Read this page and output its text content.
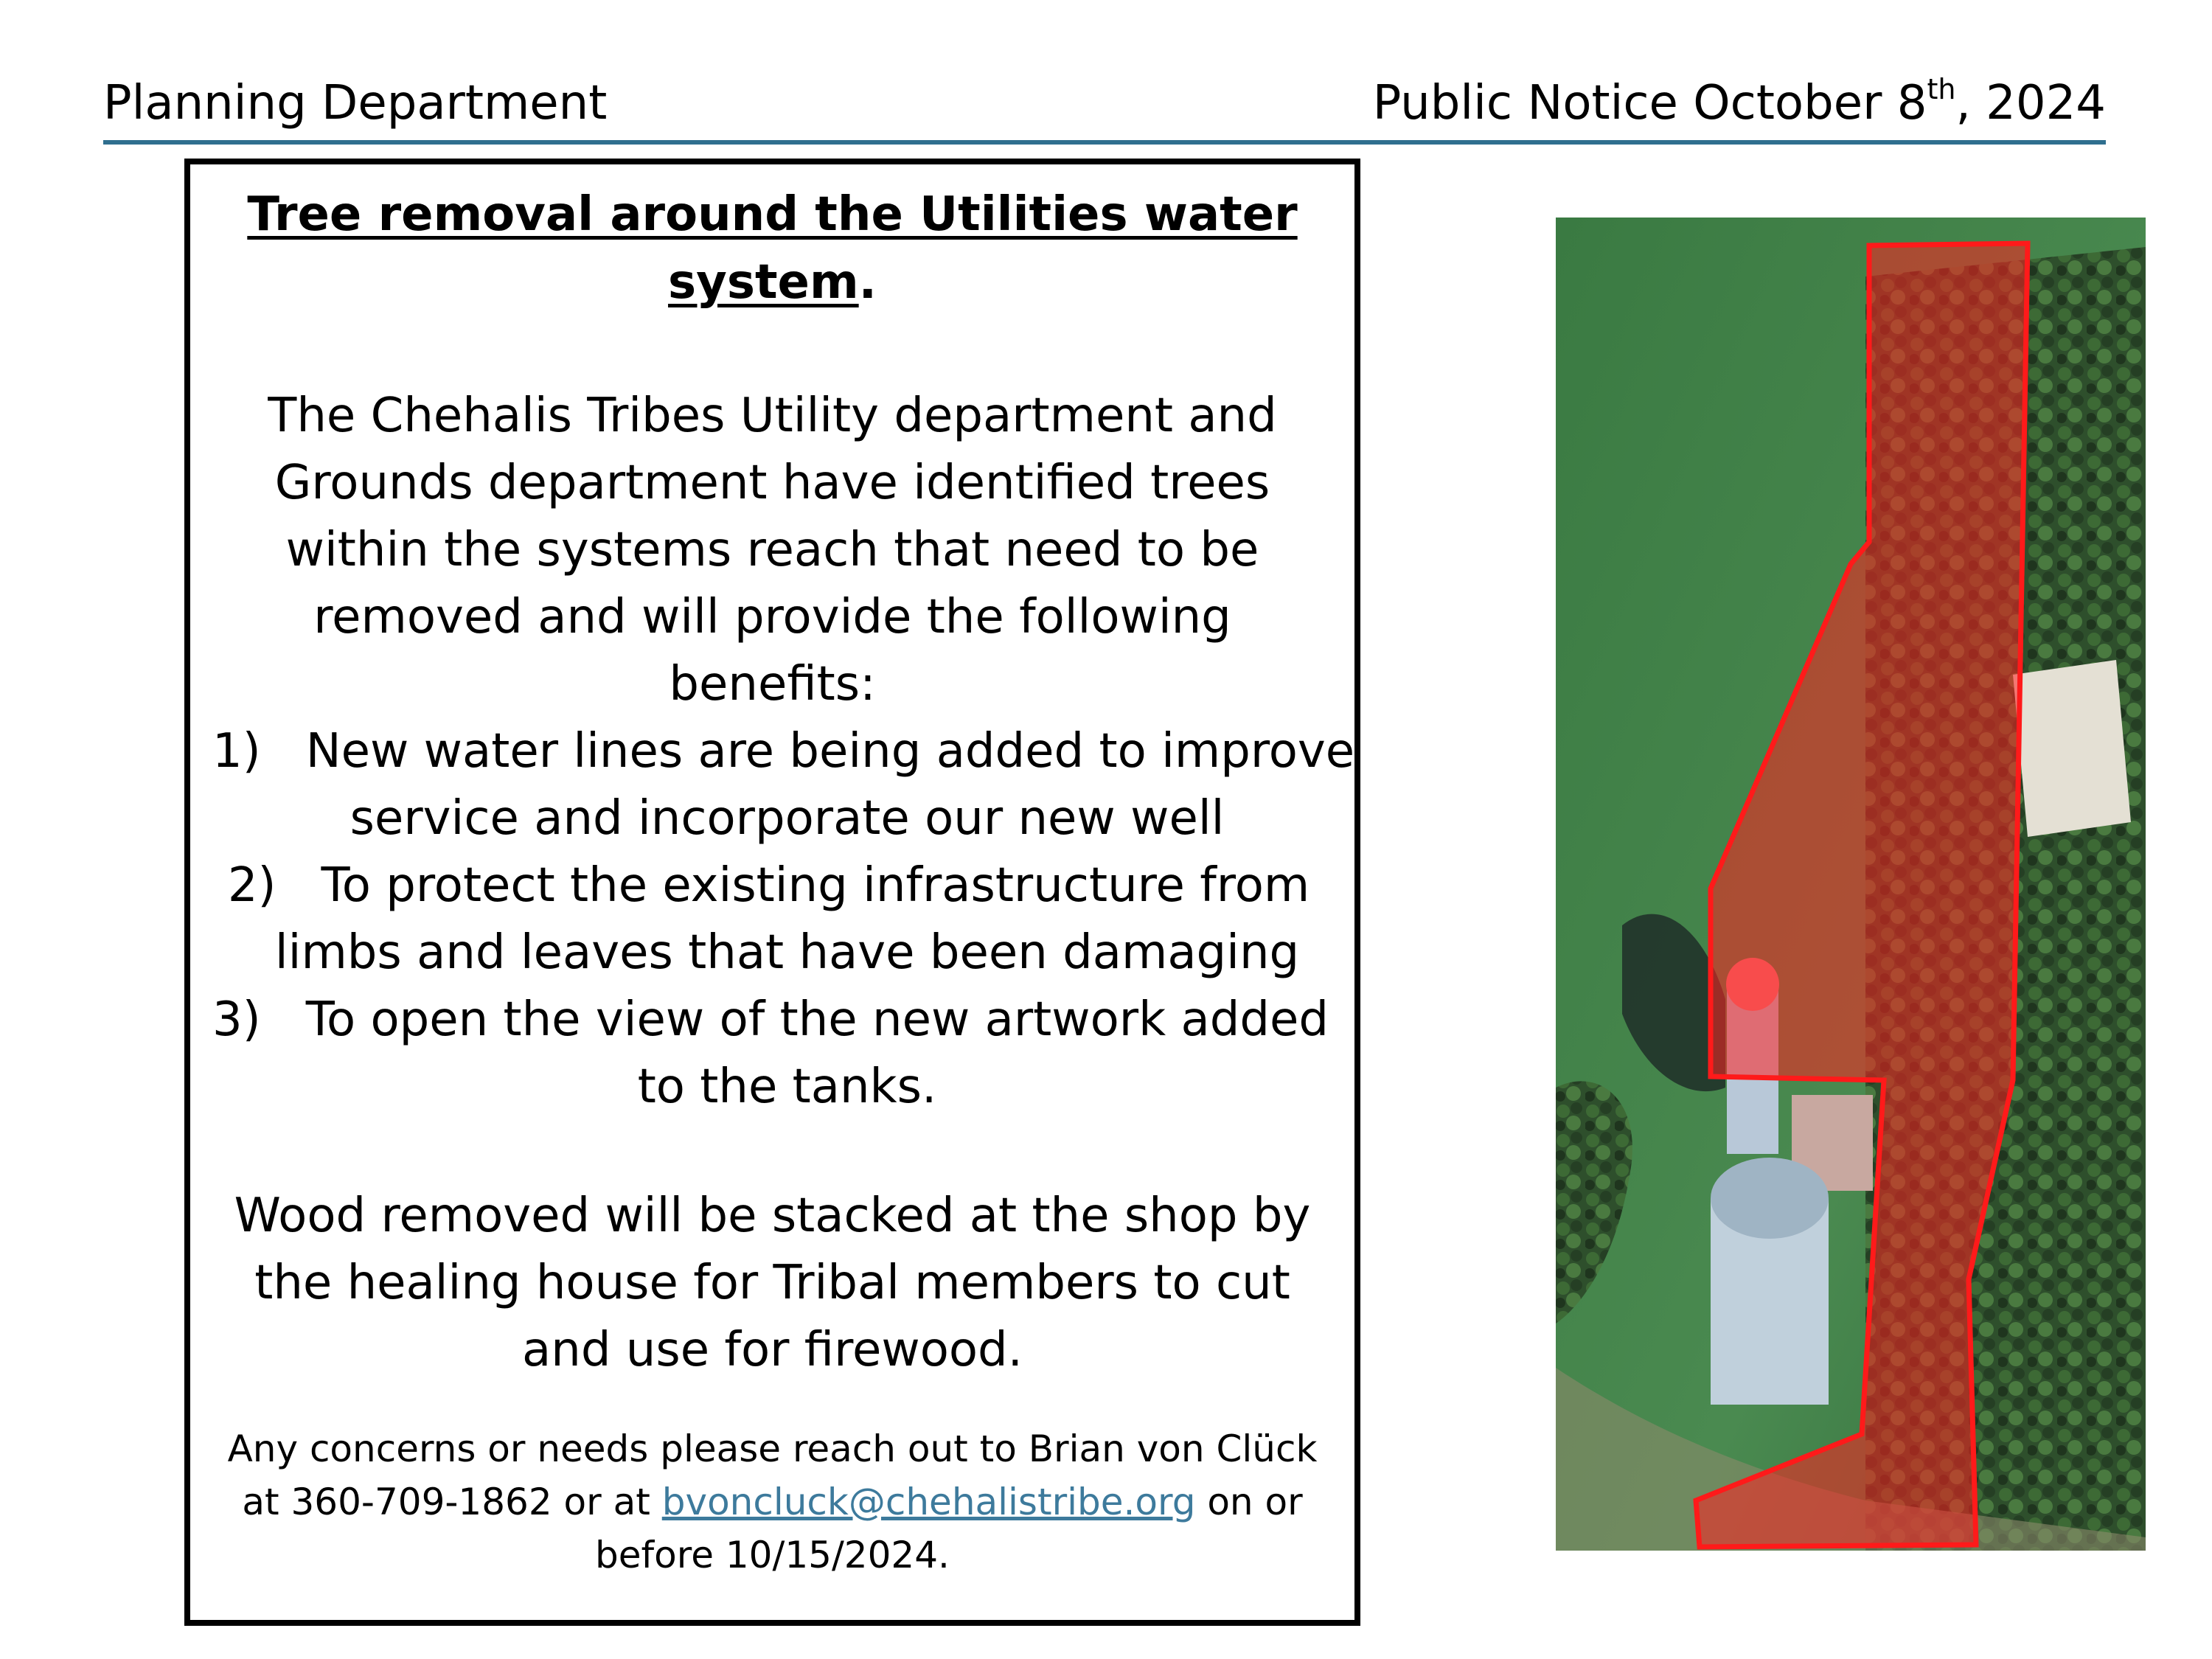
Planning Department	Public Notice October 8th, 2024

Tree removal around the Utilities water
system.

The Chehalis Tribes Utility department and
Grounds department have identified trees
within the systems reach that need to be
removed and will provide the following
benefits:

1)   New water lines are being added to improve
service and incorporate our new well
2)   To protect the existing infrastructure from
limbs and leaves that have been damaging
3)   To open the view of the new artwork added
to the tanks.

Wood removed will be stacked at the shop by
the healing house for Tribal members to cut
and use for firewood.

Any concerns or needs please reach out to Brian von Clück
at 360-709-1862 or at bvoncluck@chehalistribe.org on or
before 10/15/2024.
